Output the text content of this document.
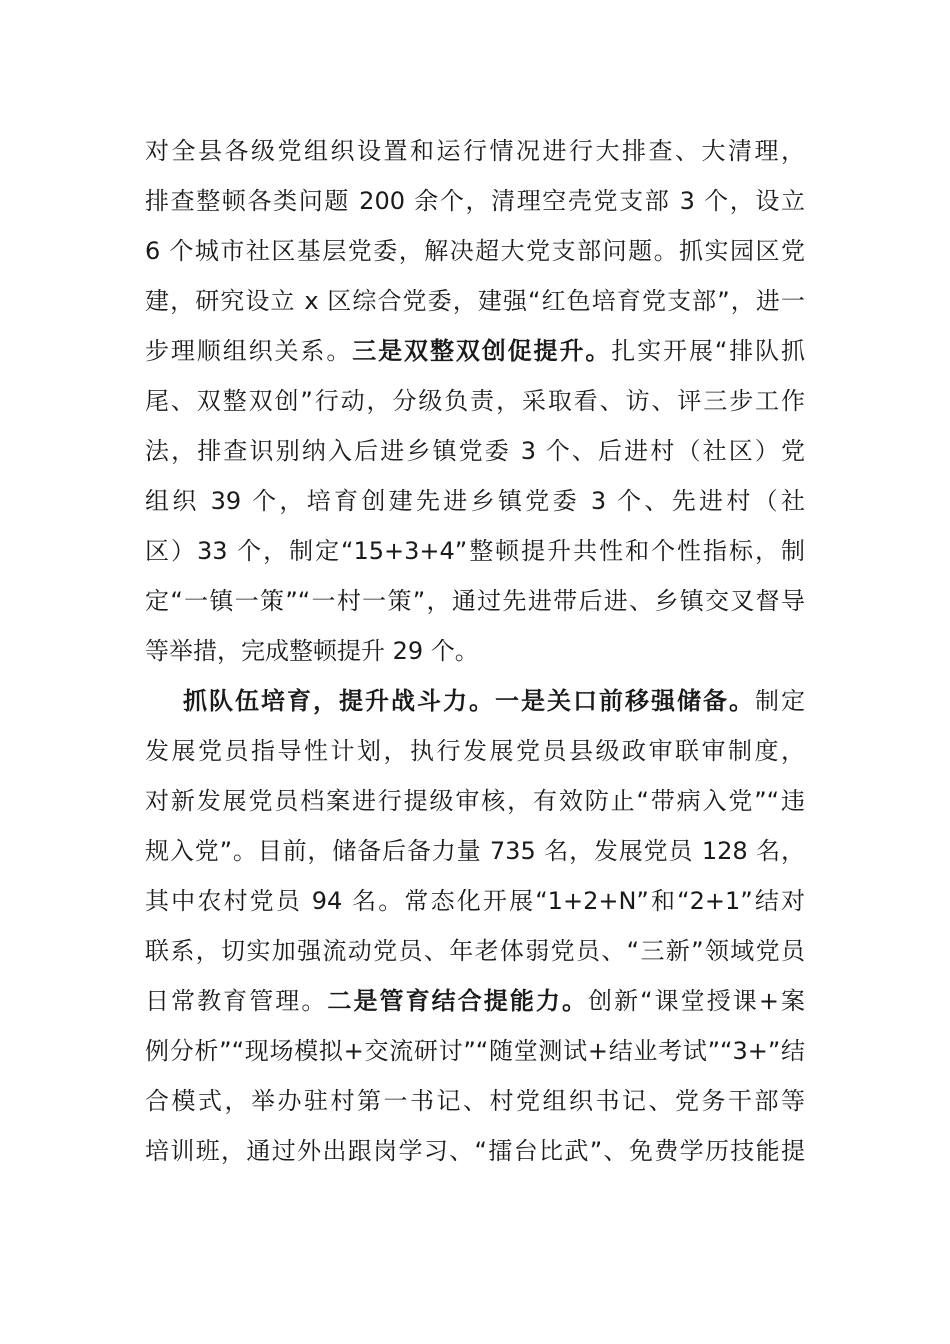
对全县各级党组织设置和运行情况进行大排查、大清理，
排查整顿各类问题 200 余个，清理空壳党支部 3 个，设立
6 个城市社区基层党委，解决超大党支部问题。抓实园区党
建，研究设立 x 区综合党委，建强“红色培育党支部”，进一
步理顺组织关系。三是双整双创促提升。扎实开展“排队抓
尾、双整双创”行动，分级负责，采取看、访、评三步工作
法，排查识别纳入后进乡镇党委 3 个、后进村（社区）党
组织 39 个，培育创建先进乡镇党委 3 个、先进村（社
区）33 个，制定“15+3+4”整顿提升共性和个性指标，制
定“一镇一策”“一村一策”，通过先进带后进、乡镇交叉督导
等举措，完成整顿提升 29 个。
抓队伍培育，提升战斗力。一是关口前移强储备。制定
发展党员指导性计划，执行发展党员县级政审联审制度，
对新发展党员档案进行提级审核，有效防止“带病入党”“违
规入党”。目前，储备后备力量 735 名，发展党员 128 名，
其中农村党员 94 名。常态化开展“1+2+N”和“2+1”结对
联系，切实加强流动党员、年老体弱党员、“三新”领域党员
日常教育管理。二是管育结合提能力。创新“课堂授课+案
例分析”“现场模拟+交流研讨”“随堂测试+结业考试”“3+”结
合模式，举办驻村第一书记、村党组织书记、党务干部等
培训班，通过外出跟岗学习、“擂台比武”、免费学历技能提
